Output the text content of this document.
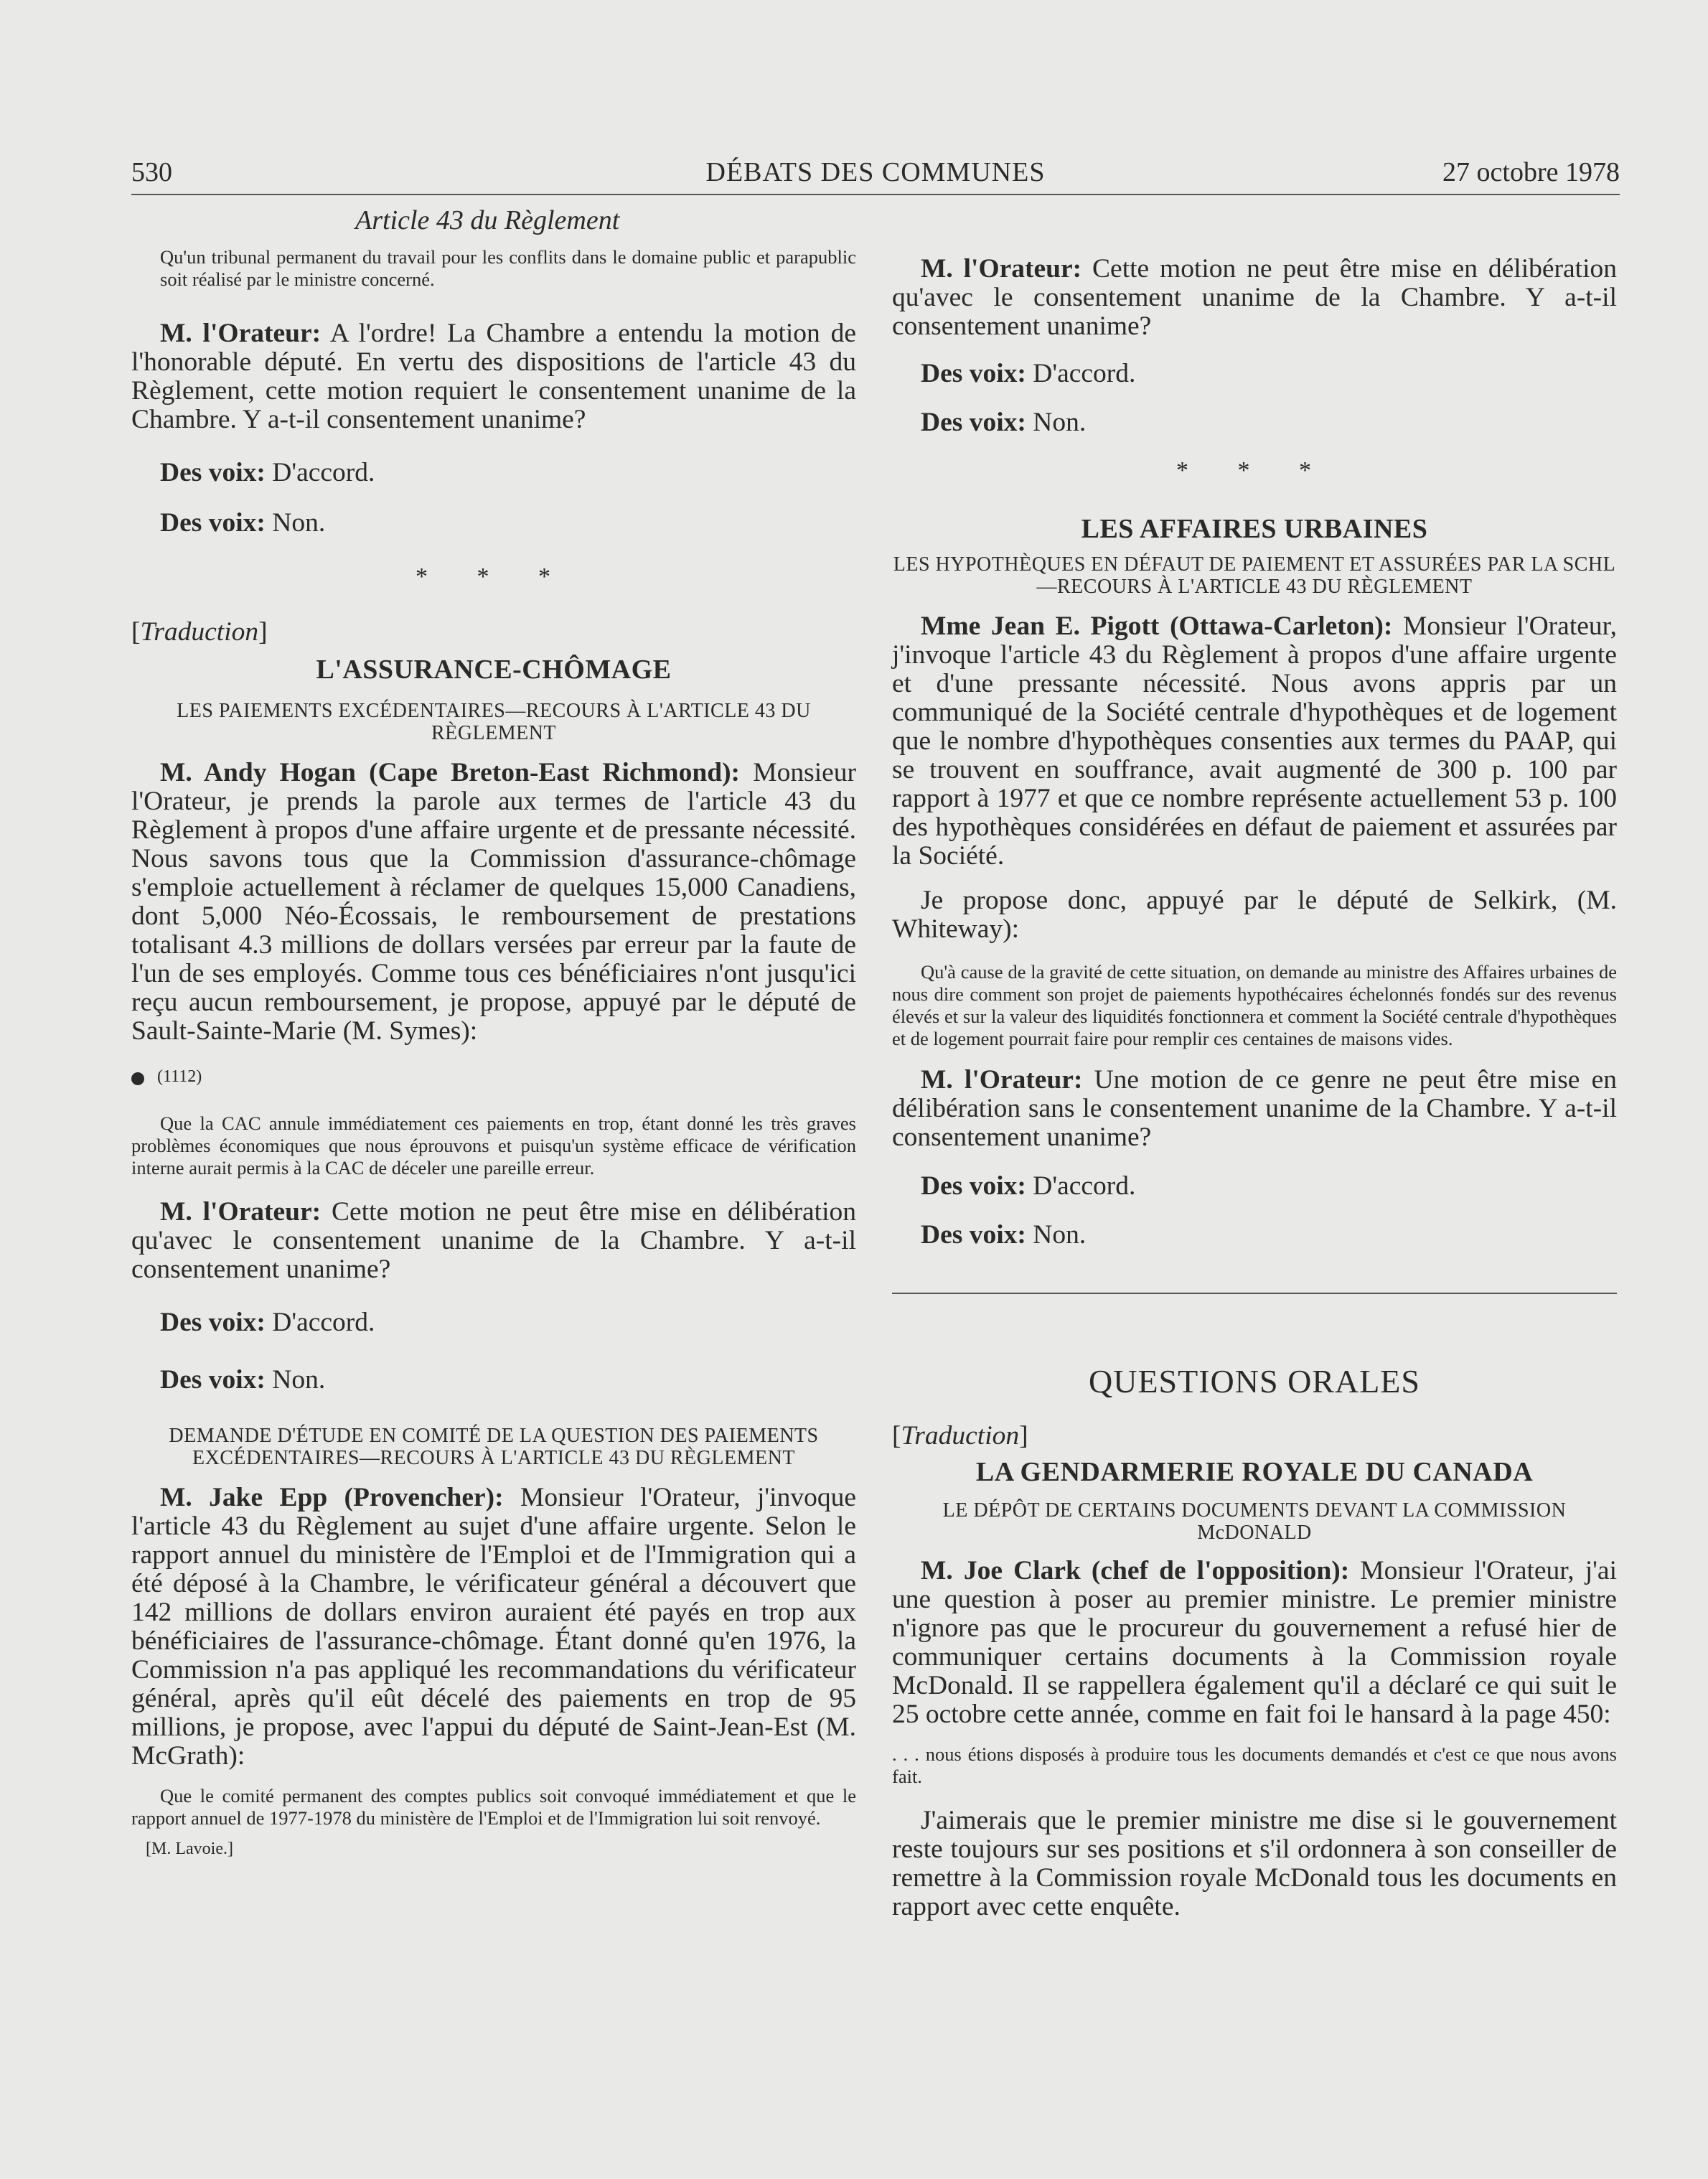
530	DÉBATS DES COMMUNES	27 octobre 1978

Article 43 du Règlement

Qu'un tribunal permanent du travail pour les conflits dans le domaine public et parapublic soit réalisé par le ministre concerné.

M. l'Orateur: A l'ordre! La Chambre a entendu la motion de l'honorable député. En vertu des dispositions de l'article 43 du Règlement, cette motion requiert le consentement unanime de la Chambre. Y a-t-il consentement unanime?

Des voix: D'accord.

Des voix: Non.

* * *

[Traduction]

L'ASSURANCE-CHÔMAGE

LES PAIEMENTS EXCÉDENTAIRES—RECOURS À L'ARTICLE 43 DU RÈGLEMENT

M. Andy Hogan (Cape Breton-East Richmond): Monsieur l'Orateur, je prends la parole aux termes de l'article 43 du Règlement à propos d'une affaire urgente et de pressante nécessité. Nous savons tous que la Commission d'assurance-chômage s'emploie actuellement à réclamer de quelques 15,000 Canadiens, dont 5,000 Néo-Écossais, le remboursement de prestations totalisant 4.3 millions de dollars versées par erreur par la faute de l'un de ses employés. Comme tous ces bénéficiaires n'ont jusqu'ici reçu aucun remboursement, je propose, appuyé par le député de Sault-Sainte-Marie (M. Symes):

(1112)

Que la CAC annule immédiatement ces paiements en trop, étant donné les très graves problèmes économiques que nous éprouvons et puisqu'un système efficace de vérification interne aurait permis à la CAC de déceler une pareille erreur.

M. l'Orateur: Cette motion ne peut être mise en délibération qu'avec le consentement unanime de la Chambre. Y a-t-il consentement unanime?

Des voix: D'accord.

Des voix: Non.

DEMANDE D'ÉTUDE EN COMITÉ DE LA QUESTION DES PAIEMENTS EXCÉDENTAIRES—RECOURS À L'ARTICLE 43 DU RÈGLEMENT

M. Jake Epp (Provencher): Monsieur l'Orateur, j'invoque l'article 43 du Règlement au sujet d'une affaire urgente. Selon le rapport annuel du ministère de l'Emploi et de l'Immigration qui a été déposé à la Chambre, le vérificateur général a découvert que 142 millions de dollars environ auraient été payés en trop aux bénéficiaires de l'assurance-chômage. Étant donné qu'en 1976, la Commission n'a pas appliqué les recommandations du vérificateur général, après qu'il eût décelé des paiements en trop de 95 millions, je propose, avec l'appui du député de Saint-Jean-Est (M. McGrath):

Que le comité permanent des comptes publics soit convoqué immédiatement et que le rapport annuel de 1977-1978 du ministère de l'Emploi et de l'Immigration lui soit renvoyé.

[M. Lavoie.]

M. l'Orateur: Cette motion ne peut être mise en délibération qu'avec le consentement unanime de la Chambre. Y a-t-il consentement unanime?

Des voix: D'accord.

Des voix: Non.

* * *

LES AFFAIRES URBAINES

LES HYPOTHÈQUES EN DÉFAUT DE PAIEMENT ET ASSURÉES PAR LA SCHL—RECOURS À L'ARTICLE 43 DU RÈGLEMENT

Mme Jean E. Pigott (Ottawa-Carleton): Monsieur l'Orateur, j'invoque l'article 43 du Règlement à propos d'une affaire urgente et d'une pressante nécessité. Nous avons appris par un communiqué de la Société centrale d'hypothèques et de logement que le nombre d'hypothèques consenties aux termes du PAAP, qui se trouvent en souffrance, avait augmenté de 300 p. 100 par rapport à 1977 et que ce nombre représente actuellement 53 p. 100 des hypothèques considérées en défaut de paiement et assurées par la Société.

Je propose donc, appuyé par le député de Selkirk, (M. Whiteway):

Qu'à cause de la gravité de cette situation, on demande au ministre des Affaires urbaines de nous dire comment son projet de paiements hypothécaires échelonnés fondés sur des revenus élevés et sur la valeur des liquidités fonctionnera et comment la Société centrale d'hypothèques et de logement pourrait faire pour remplir ces centaines de maisons vides.

M. l'Orateur: Une motion de ce genre ne peut être mise en délibération sans le consentement unanime de la Chambre. Y a-t-il consentement unanime?

Des voix: D'accord.

Des voix: Non.

QUESTIONS ORALES

[Traduction]

LA GENDARMERIE ROYALE DU CANADA

LE DÉPÔT DE CERTAINS DOCUMENTS DEVANT LA COMMISSION McDONALD

M. Joe Clark (chef de l'opposition): Monsieur l'Orateur, j'ai une question à poser au premier ministre. Le premier ministre n'ignore pas que le procureur du gouvernement a refusé hier de communiquer certains documents à la Commission royale McDonald. Il se rappellera également qu'il a déclaré ce qui suit le 25 octobre cette année, comme en fait foi le hansard à la page 450:

. . . nous étions disposés à produire tous les documents demandés et c'est ce que nous avons fait.

J'aimerais que le premier ministre me dise si le gouvernement reste toujours sur ses positions et s'il ordonnera à son conseiller de remettre à la Commission royale McDonald tous les documents en rapport avec cette enquête.
